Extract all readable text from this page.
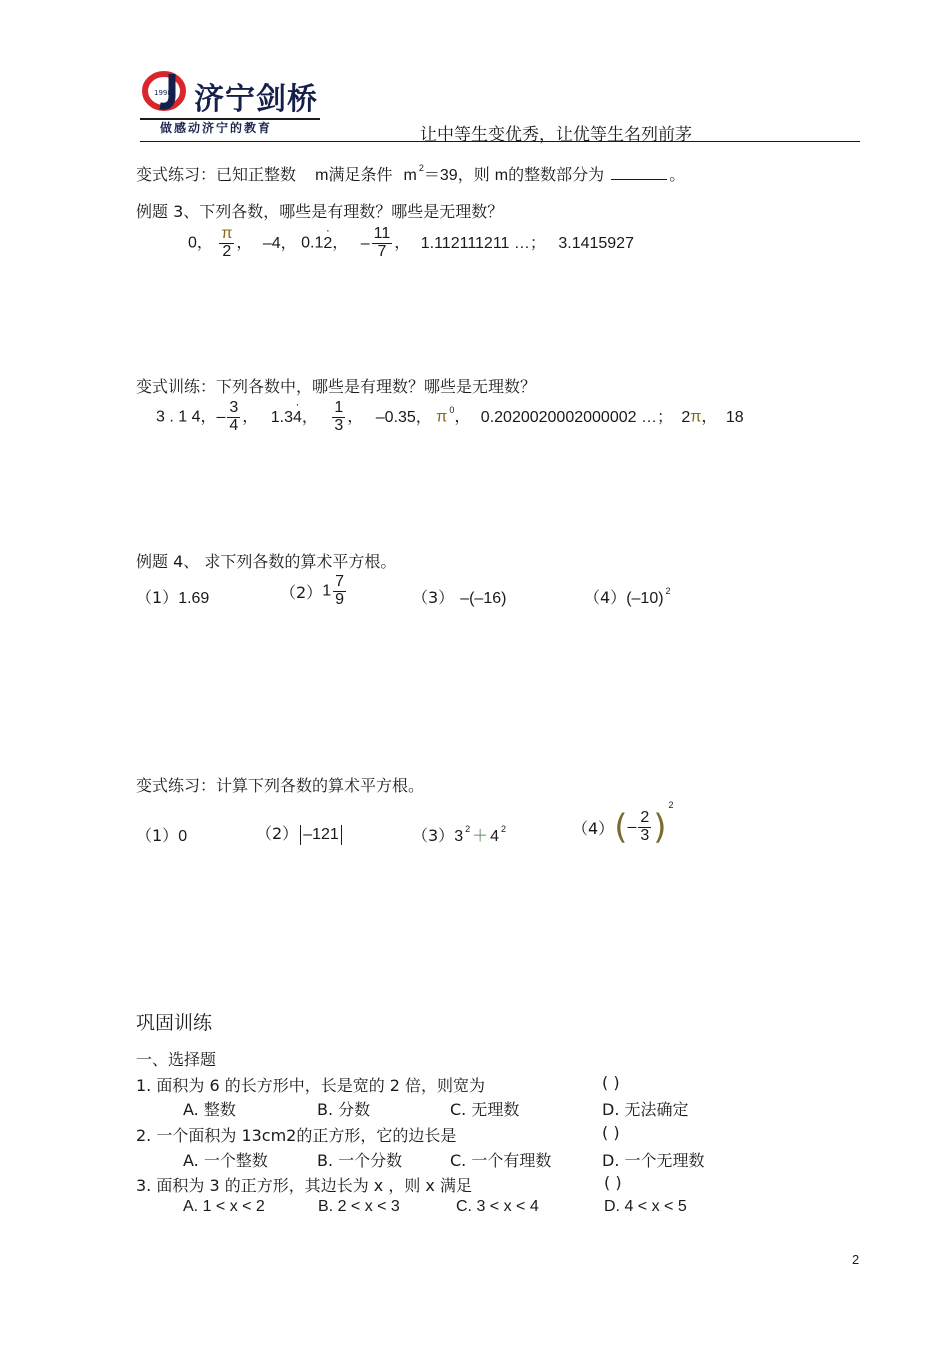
1998 济宁剑桥
做感动济宁的教育	让中等生变优秀，让优等生名列前茅
变式练习：已知正整数 m满足条件 m $^2$＝39，则 m的整数部分为	。
例题 3、下列各数，哪些是有理数？哪些是无理数？
0， $\frac{\pi}{2}$ ， –4， 0.1· 2， – $\frac{11}{7}$ ， 1.112111211 …； 3.1415927
变式训练：下列各数中，哪些是有理数？哪些是无理数？
3 . 1 4，– $\frac{3}{4}$ ， 1.3· 4， $\frac{1}{3}$ ， –0.35， π $^0$， 0.2020020002000002 …； 2π， 18
例题 4、 求下列各数的算术平方根。
（1）1.69	$(2)1 \frac{7}{9}$	（3） –(–16)	（4）(–10) $^2$
变式练习：计算下列各数的算术平方根。
（1）0	（2） –121	（3）3 $^2$ ＋ 4 $^2$	$(4)(- \frac{2}{3} )^2$
巩固训练
一、选择题
1. 面积为 6 的长方形中，长是宽的 2 倍，则宽为	( )
A. 整数	B. 分数	C. 无理数	D. 无法确定
2. 一个面积为 13cm2的正方形，它的边长是	( )
A. 一个整数	B. 一个分数	C. 一个有理数	D. 一个无理数
3. 面积为 3 的正方形，其边长为 x ，则 x 满足	( )
A. 1 < x < 2	B. 2 < x < 3	C. 3 < x < 4	D. 4 < x < 5
2
